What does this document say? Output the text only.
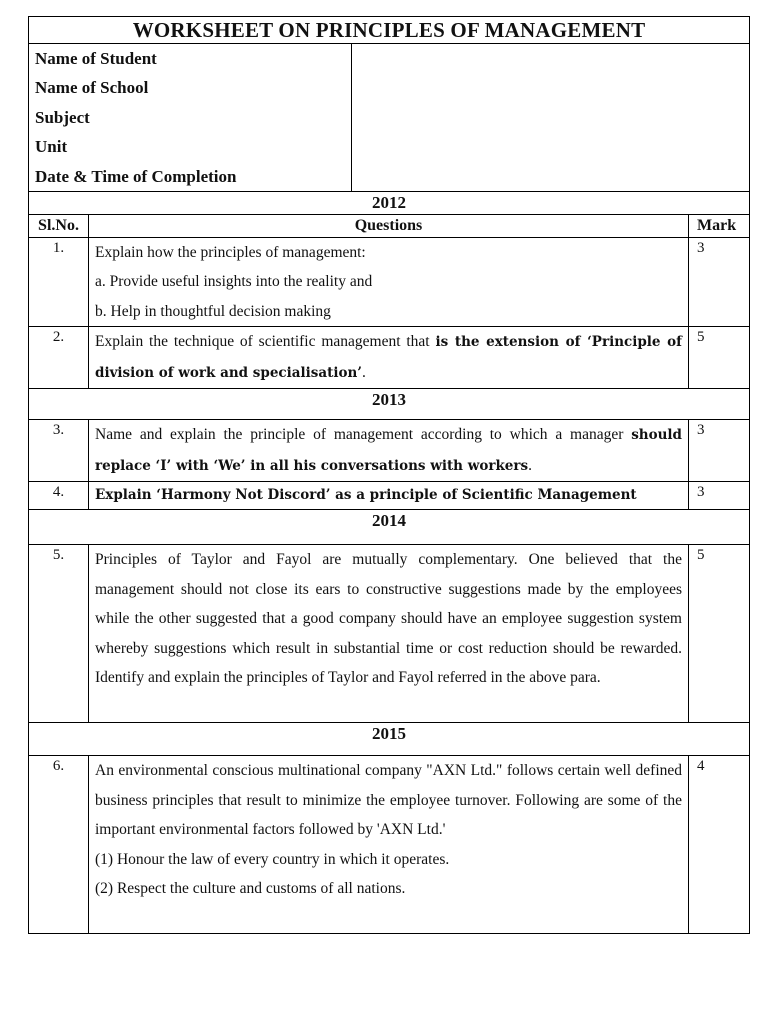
WORKSHEET ON PRINCIPLES OF MANAGEMENT			

Name of Student
Name of School
Subject
Unit
Date & Time of Completion			

2012			
Sl.No.	Questions		Mark
1.	Explain how the principles of management:

a. Provide useful insights into the reality and

b. Help in thoughtful decision making		3
2.	Explain the technique of scientific management that is the extension of ‘Principle of division of work and specialisation’.		5
2013			
3.	Name and explain the principle of management according to which a manager should replace ‘I’ with ‘We’ in all his conversations with workers.		3
4.	Explain ‘Harmony Not Discord’ as a principle of Scientific Management		3
2014			
5.	Principles of Taylor and Fayol are mutually complementary. One believed that the management should not close its ears to constructive suggestions made by the employees while the other suggested that a good company should have an employee suggestion system whereby suggestions which result in substantial time or cost reduction should be rewarded. Identify and explain the principles of Taylor and Fayol referred in the above para.		5
2015			
6.	An environmental conscious multinational company "AXN Ltd." follows certain well defined business principles that result to minimize the employee turnover. Following are some of the important environmental factors followed by 'AXN Ltd.'

(1) Honour the law of every country in which it operates.

(2) Respect the culture and customs of all nations.		4
